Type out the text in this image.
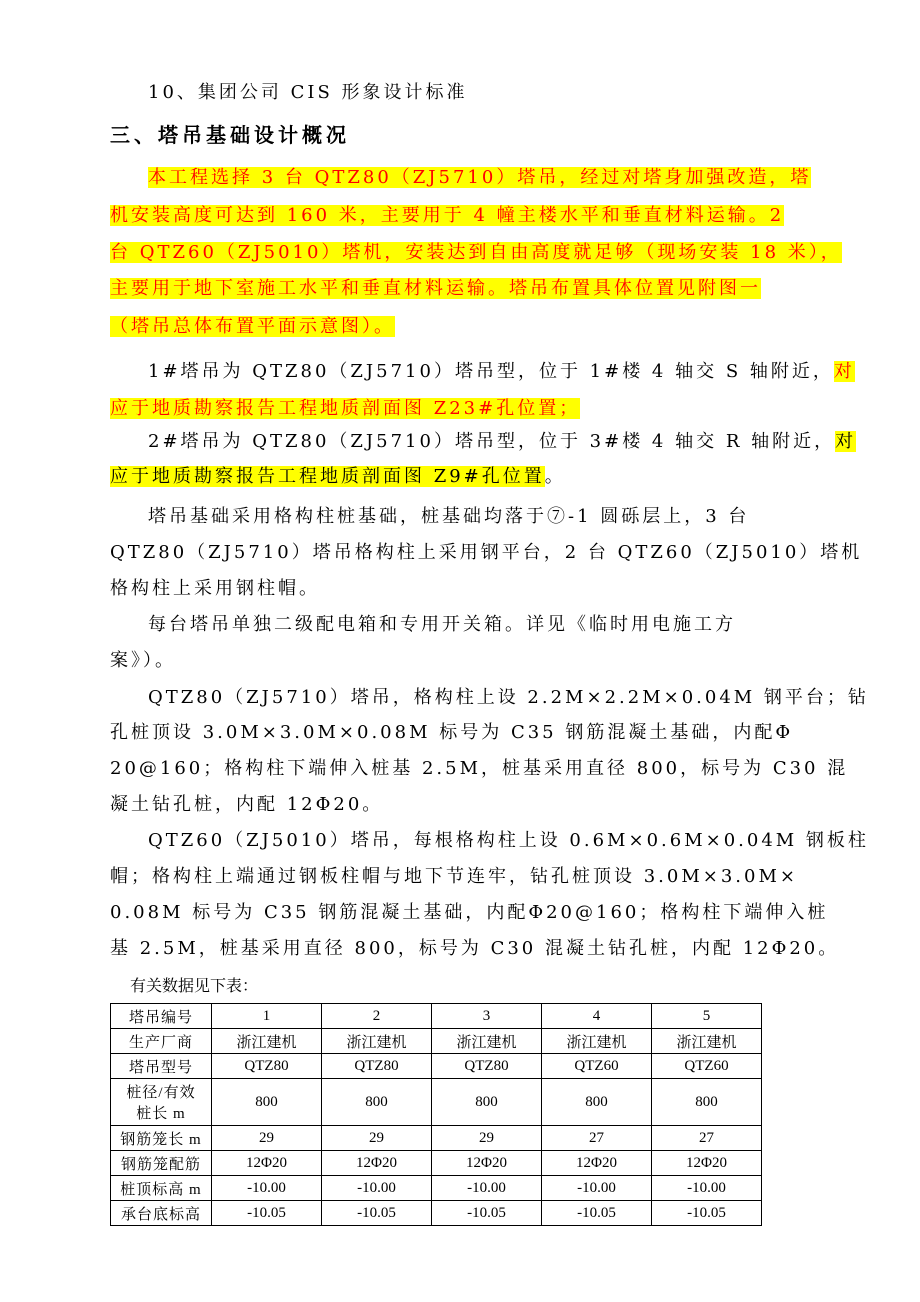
10、集团公司 CIS 形象设计标准
三、塔吊基础设计概况
本工程选择 3 台 QTZ80（ZJ5710）塔吊，经过对塔身加强改造，塔
机安装高度可达到 160 米，主要用于 4 幢主楼水平和垂直材料运输。2
台 QTZ60（ZJ5010）塔机，安装达到自由高度就足够（现场安装 18 米），
主要用于地下室施工水平和垂直材料运输。塔吊布置具体位置见附图一
（塔吊总体布置平面示意图）。
1#塔吊为 QTZ80（ZJ5710）塔吊型，位于 1#楼 4 轴交 S 轴附近，对
应于地质勘察报告工程地质剖面图 Z23#孔位置；
2#塔吊为 QTZ80（ZJ5710）塔吊型，位于 3#楼 4 轴交 R 轴附近，对
应于地质勘察报告工程地质剖面图 Z9#孔位置。
塔吊基础采用格构柱桩基础，桩基础均落于⑦-1 圆砾层上，3 台
QTZ80（ZJ5710）塔吊格构柱上采用钢平台，2 台 QTZ60（ZJ5010）塔机
格构柱上采用钢柱帽。
每台塔吊单独二级配电箱和专用开关箱。详见《临时用电施工方
案》）。
QTZ80（ZJ5710）塔吊，格构柱上设 2.2M×2.2M×0.04M 钢平台；钻
孔桩顶设 3.0M×3.0M×0.08M 标号为 C35 钢筋混凝土基础，内配Φ
20@160；格构柱下端伸入桩基 2.5M，桩基采用直径 800，标号为 C30 混
凝土钻孔桩，内配 12Φ20。
QTZ60（ZJ5010）塔吊，每根格构柱上设 0.6M×0.6M×0.04M 钢板柱
帽；格构柱上端通过钢板柱帽与地下节连牢，钻孔桩顶设 3.0M×3.0M×
0.08M 标号为 C35 钢筋混凝土基础，内配Φ20@160；格构柱下端伸入桩
基 2.5M，桩基采用直径 800，标号为 C30 混凝土钻孔桩，内配 12Φ20。
有关数据见下表：
塔吊编号	1	2	3	4	5
生产厂商	浙江建机	浙江建机	浙江建机	浙江建机	浙江建机
塔吊型号	QTZ80	QTZ80	QTZ80	QTZ60	QTZ60
桩径/有效
桩长 m	800	800	800	800	800
钢筋笼长 m	29	29	29	27	27
钢筋笼配筋	12Φ20	12Φ20	12Φ20	12Φ20	12Φ20
桩顶标高 m	-10.00	-10.00	-10.00	-10.00	-10.00
承台底标高	-10.05	-10.05	-10.05	-10.05	-10.05
